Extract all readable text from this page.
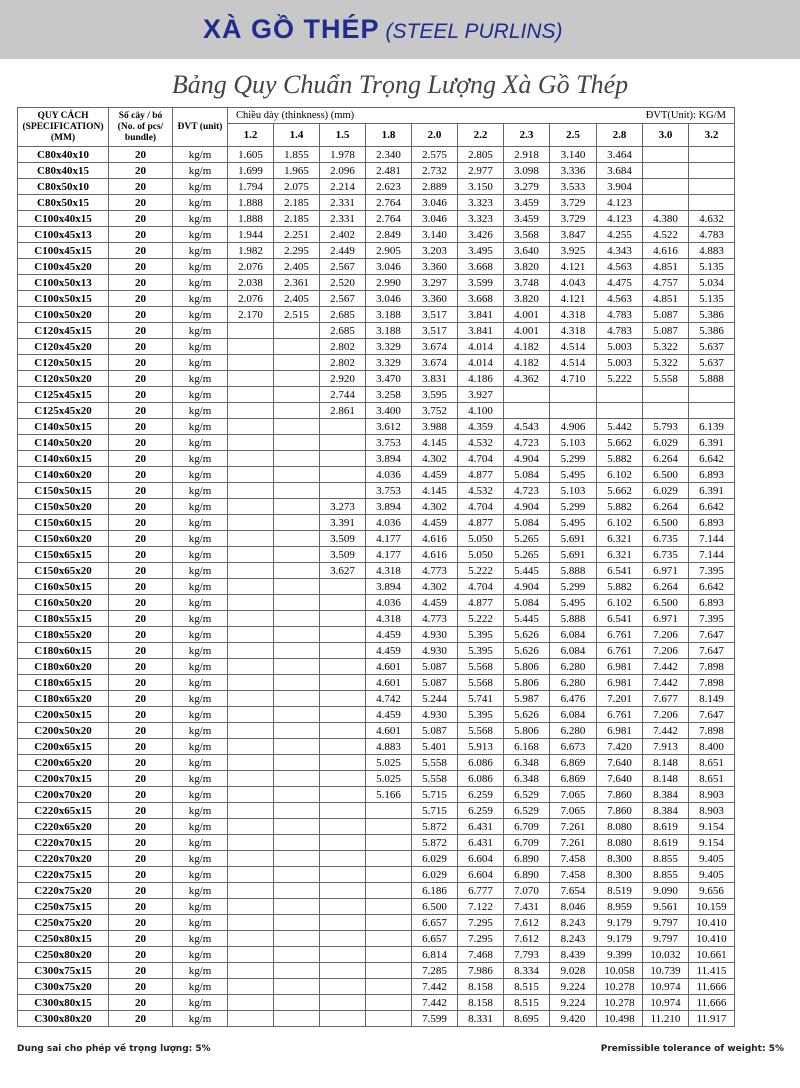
XÀ GỒ THÉP (STEEL PURLINS)
Bảng Quy Chuẩn Trọng Lượng Xà Gồ Thép
QUY CÁCH (SPECIFICATION) (MM)	Số cây / bó (No. of pcs/ bundle)	ĐVT (unit)	Chiều dày (thinkness) (mm)						ĐVT(Unit): KG/M				
			1.2	1.4	1.5	1.8	2.0	2.2	2.3	2.5	2.8	3.0	3.2
C80x40x10	20	kg/m	1.605	1.855	1.978	2.340	2.575	2.805	2.918	3.140	3.464		
C80x40x15	20	kg/m	1.699	1.965	2.096	2.481	2.732	2.977	3.098	3.336	3.684		
C80x50x10	20	kg/m	1.794	2.075	2.214	2.623	2.889	3.150	3.279	3.533	3.904		
C80x50x15	20	kg/m	1.888	2.185	2.331	2.764	3.046	3.323	3.459	3.729	4.123		
C100x40x15	20	kg/m	1.888	2.185	2.331	2.764	3.046	3.323	3.459	3.729	4.123	4.380	4.632
C100x45x13	20	kg/m	1.944	2.251	2.402	2.849	3.140	3.426	3.568	3.847	4.255	4.522	4.783
C100x45x15	20	kg/m	1.982	2.295	2.449	2.905	3.203	3.495	3.640	3.925	4.343	4.616	4.883
C100x45x20	20	kg/m	2.076	2.405	2.567	3.046	3.360	3.668	3.820	4.121	4.563	4.851	5.135
C100x50x13	20	kg/m	2.038	2.361	2.520	2.990	3.297	3.599	3.748	4.043	4.475	4.757	5.034
C100x50x15	20	kg/m	2.076	2.405	2.567	3.046	3.360	3.668	3.820	4.121	4.563	4.851	5.135
C100x50x20	20	kg/m	2.170	2.515	2.685	3.188	3.517	3.841	4.001	4.318	4.783	5.087	5.386
C120x45x15	20	kg/m			2.685	3.188	3.517	3.841	4.001	4.318	4.783	5.087	5.386
C120x45x20	20	kg/m			2.802	3.329	3.674	4.014	4.182	4.514	5.003	5.322	5.637
C120x50x15	20	kg/m			2.802	3.329	3.674	4.014	4.182	4.514	5.003	5.322	5.637
C120x50x20	20	kg/m			2.920	3.470	3.831	4.186	4.362	4.710	5.222	5.558	5.888
C125x45x15	20	kg/m			2.744	3.258	3.595	3.927					
C125x45x20	20	kg/m			2.861	3.400	3.752	4.100					
C140x50x15	20	kg/m				3.612	3.988	4.359	4.543	4.906	5.442	5.793	6.139
C140x50x20	20	kg/m				3.753	4.145	4.532	4.723	5.103	5.662	6.029	6.391
C140x60x15	20	kg/m				3.894	4.302	4.704	4.904	5.299	5.882	6.264	6.642
C140x60x20	20	kg/m				4.036	4.459	4.877	5.084	5.495	6.102	6.500	6.893
C150x50x15	20	kg/m				3.753	4.145	4.532	4.723	5.103	5.662	6.029	6.391
C150x50x20	20	kg/m			3.273	3.894	4.302	4.704	4.904	5.299	5.882	6.264	6.642
C150x60x15	20	kg/m			3.391	4.036	4.459	4.877	5.084	5.495	6.102	6.500	6.893
C150x60x20	20	kg/m			3.509	4.177	4.616	5.050	5.265	5.691	6.321	6.735	7.144
C150x65x15	20	kg/m			3.509	4.177	4.616	5.050	5.265	5.691	6.321	6.735	7.144
C150x65x20	20	kg/m			3.627	4.318	4.773	5.222	5.445	5.888	6.541	6.971	7.395
C160x50x15	20	kg/m				3.894	4.302	4.704	4.904	5.299	5.882	6.264	6.642
C160x50x20	20	kg/m				4.036	4.459	4.877	5.084	5.495	6.102	6.500	6.893
C180x55x15	20	kg/m				4.318	4.773	5.222	5.445	5.888	6.541	6.971	7.395
C180x55x20	20	kg/m				4.459	4.930	5.395	5.626	6.084	6.761	7.206	7.647
C180x60x15	20	kg/m				4.459	4.930	5.395	5.626	6.084	6.761	7.206	7.647
C180x60x20	20	kg/m				4.601	5.087	5.568	5.806	6.280	6.981	7.442	7.898
C180x65x15	20	kg/m				4.601	5.087	5.568	5.806	6.280	6.981	7.442	7.898
C180x65x20	20	kg/m				4.742	5.244	5.741	5.987	6.476	7.201	7.677	8.149
C200x50x15	20	kg/m				4.459	4.930	5.395	5.626	6.084	6.761	7.206	7.647
C200x50x20	20	kg/m				4.601	5.087	5.568	5.806	6.280	6.981	7.442	7.898
C200x65x15	20	kg/m				4.883	5.401	5.913	6.168	6.673	7.420	7.913	8.400
C200x65x20	20	kg/m				5.025	5.558	6.086	6.348	6.869	7.640	8.148	8.651
C200x70x15	20	kg/m				5.025	5.558	6.086	6.348	6.869	7.640	8.148	8.651
C200x70x20	20	kg/m				5.166	5.715	6.259	6.529	7.065	7.860	8.384	8.903
C220x65x15	20	kg/m					5.715	6.259	6.529	7.065	7.860	8.384	8.903
C220x65x20	20	kg/m					5.872	6.431	6.709	7.261	8.080	8.619	9.154
C220x70x15	20	kg/m					5.872	6.431	6.709	7.261	8.080	8.619	9.154
C220x70x20	20	kg/m					6.029	6.604	6.890	7.458	8.300	8.855	9.405
C220x75x15	20	kg/m					6.029	6.604	6.890	7.458	8.300	8.855	9.405
C220x75x20	20	kg/m					6.186	6.777	7.070	7.654	8.519	9.090	9.656
C250x75x15	20	kg/m					6.500	7.122	7.431	8.046	8.959	9.561	10.159
C250x75x20	20	kg/m					6.657	7.295	7.612	8.243	9.179	9.797	10.410
C250x80x15	20	kg/m					6.657	7.295	7.612	8.243	9.179	9.797	10.410
C250x80x20	20	kg/m					6.814	7.468	7.793	8.439	9.399	10.032	10.661
C300x75x15	20	kg/m					7.285	7.986	8.334	9.028	10.058	10.739	11.415
C300x75x20	20	kg/m					7.442	8.158	8.515	9.224	10.278	10.974	11.666
C300x80x15	20	kg/m					7.442	8.158	8.515	9.224	10.278	10.974	11.666
C300x80x20	20	kg/m					7.599	8.331	8.695	9.420	10.498	11.210	11.917
Dung sai cho phép về trọng lượng: 5%	Premissible tolerance of weight: 5%
